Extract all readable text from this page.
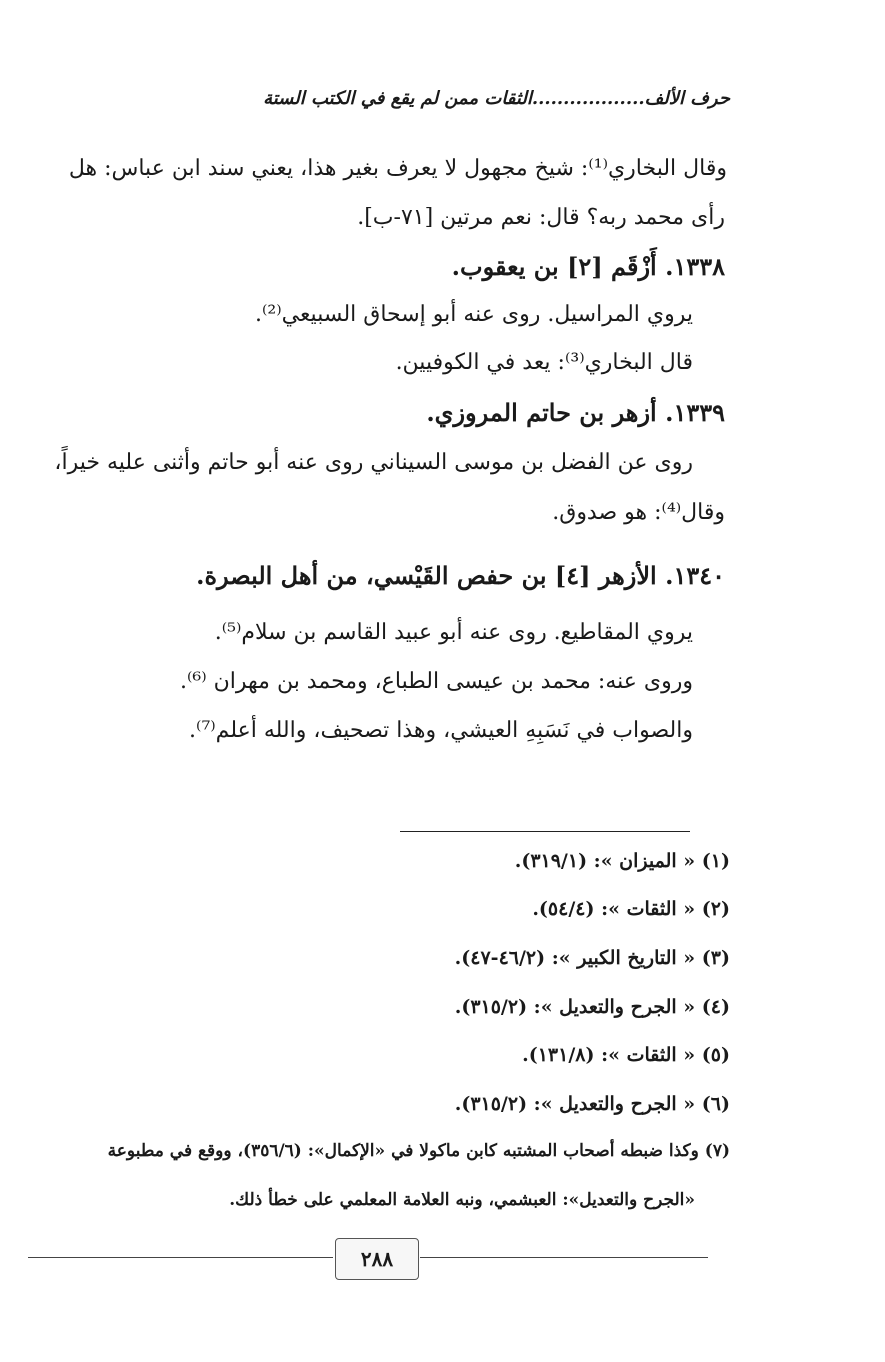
حرف الألف..................الثقات ممن لم يقع في الكتب الستة
وقال البخاري⁽¹⁾: شيخ مجهول لا يعرف بغير هذا، يعني سند ابن عباس: هل
رأى محمد ربه؟ قال: نعم مرتين [٧١-ب].
١٣٣٨. أَزْقَم [٢] بن يعقوب.
يروي المراسيل. روى عنه أبو إسحاق السبيعي⁽²⁾.
قال البخاري⁽³⁾: يعد في الكوفيين.
١٣٣٩. أزهر بن حاتم المروزي.
روى عن الفضل بن موسى السيناني روى عنه أبو حاتم وأثنى عليه خيراً،
وقال⁽⁴⁾: هو صدوق.
١٣٤٠. الأزهر [٤] بن حفص القَيْسي، من أهل البصرة.
يروي المقاطيع. روى عنه أبو عبيد القاسم بن سلام⁽⁵⁾.
وروى عنه: محمد بن عيسى الطباع، ومحمد بن مهران ⁽⁶⁾.
والصواب في نَسَبِهِ العيشي، وهذا تصحيف، والله أعلم⁽⁷⁾.
(١) « الميزان »: (٣١٩/١).
(٢) « الثقات »: (٥٤/٤).
(٣) « التاريخ الكبير »: (٤٦/٢-٤٧).
(٤) « الجرح والتعديل »: (٣١٥/٢).
(٥) « الثقات »: (١٣١/٨).
(٦) « الجرح والتعديل »: (٣١٥/٢).
(٧) وكذا ضبطه أصحاب المشتبه كابن ماكولا في «الإكمال»: (٣٥٦/٦)، ووقع في مطبوعة
«الجرح والتعديل»: العبشمي، ونبه العلامة المعلمي على خطأ ذلك.
٢٨٨
